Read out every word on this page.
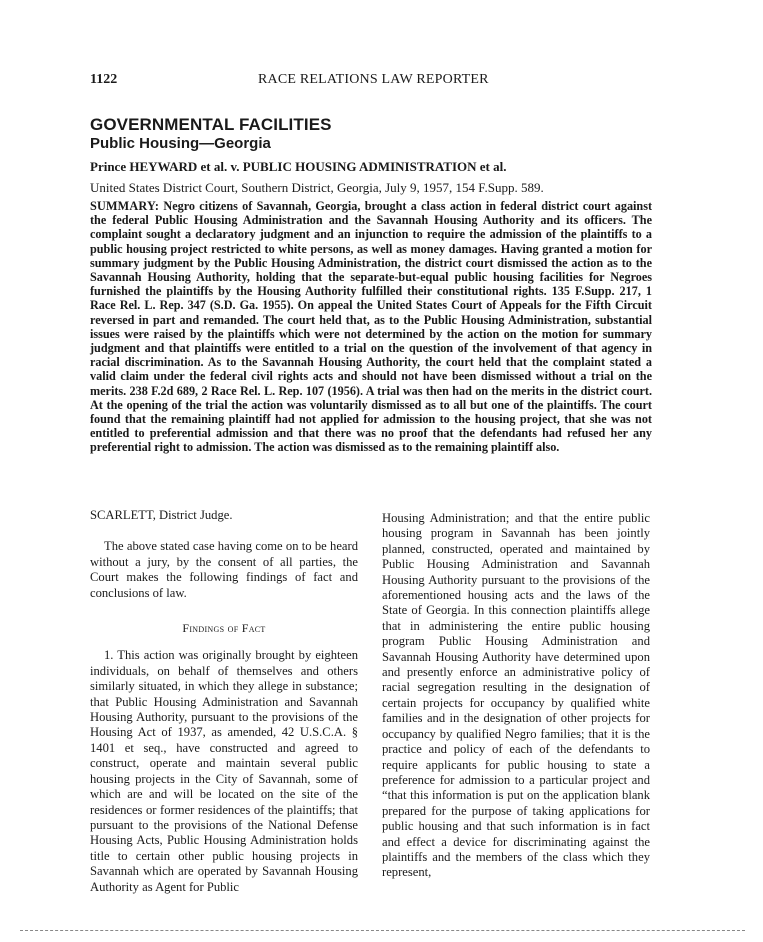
1122	RACE RELATIONS LAW REPORTER
GOVERNMENTAL FACILITIES
Public Housing—Georgia
Prince HEYWARD et al. v. PUBLIC HOUSING ADMINISTRATION et al.
United States District Court, Southern District, Georgia, July 9, 1957, 154 F.Supp. 589.
SUMMARY: Negro citizens of Savannah, Georgia, brought a class action in federal district court against the federal Public Housing Administration and the Savannah Housing Authority and its officers. The complaint sought a declaratory judgment and an injunction to require the admission of the plaintiffs to a public housing project restricted to white persons, as well as money damages. Having granted a motion for summary judgment by the Public Housing Administration, the district court dismissed the action as to the Savannah Housing Authority, holding that the separate-but-equal public housing facilities for Negroes furnished the plaintiffs by the Housing Authority fulfilled their constitutional rights. 135 F.Supp. 217, 1 Race Rel. L. Rep. 347 (S.D. Ga. 1955). On appeal the United States Court of Appeals for the Fifth Circuit reversed in part and remanded. The court held that, as to the Public Housing Administration, substantial issues were raised by the plaintiffs which were not determined by the action on the motion for summary judgment and that plaintiffs were entitled to a trial on the question of the involvement of that agency in racial discrimination. As to the Savannah Housing Authority, the court held that the complaint stated a valid claim under the federal civil rights acts and should not have been dismissed without a trial on the merits. 238 F.2d 689, 2 Race Rel. L. Rep. 107 (1956). A trial was then had on the merits in the district court. At the opening of the trial the action was voluntarily dismissed as to all but one of the plaintiffs. The court found that the remaining plaintiff had not applied for admission to the housing project, that she was not entitled to preferential admission and that there was no proof that the defendants had refused her any preferential right to admission. The action was dismissed as to the remaining plaintiff also.

SCARLETT, District Judge.

The above stated case having come on to be heard without a jury, by the consent of all parties, the Court makes the following findings of fact and conclusions of law.

Findings of Fact

1. This action was originally brought by eighteen individuals, on behalf of themselves and others similarly situated, in which they allege in substance; that Public Housing Administration and Savannah Housing Authority, pursuant to the provisions of the Housing Act of 1937, as amended, 42 U.S.C.A. § 1401 et seq., have constructed and agreed to construct, operate and maintain several public housing projects in the City of Savannah, some of which are and will be located on the site of the residences or former residences of the plaintiffs; that pursuant to the provisions of the National Defense Housing Acts, Public Housing Administration holds title to certain other public housing projects in Savannah which are operated by Savannah Housing Authority as Agent for Public

Housing Administration; and that the entire public housing program in Savannah has been jointly planned, constructed, operated and maintained by Public Housing Administration and Savannah Housing Authority pursuant to the provisions of the aforementioned housing acts and the laws of the State of Georgia. In this connection plaintiffs allege that in administering the entire public housing program Public Housing Administration and Savannah Housing Authority have determined upon and presently enforce an administrative policy of racial segregation resulting in the designation of certain projects for occupancy by qualified white families and in the designation of other projects for occupancy by qualified Negro families; that it is the practice and policy of each of the defendants to require applicants for public housing to state a preference for admission to a particular project and “that this information is put on the application blank prepared for the purpose of taking applications for public housing and that such information is in fact and effect a device for discriminating against the plaintiffs and the members of the class which they represent,
